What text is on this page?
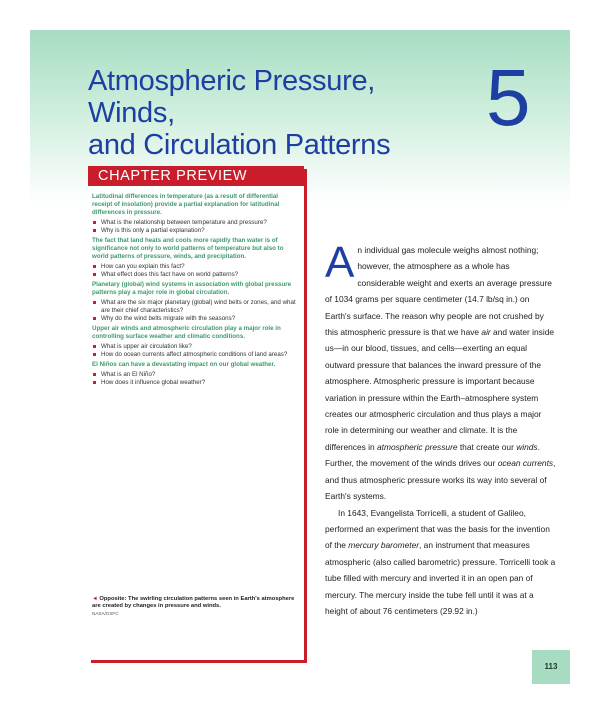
Atmospheric Pressure, Winds,
and Circulation Patterns
5
CHAPTER PREVIEW

Latitudinal differences in temperature (as a result of differential receipt of insolation) provide a partial explanation for latitudinal differences in pressure.

What is the relationship between temperature and pressure?
Why is this only a partial explanation?

The fact that land heats and cools more rapidly than water is of significance not only to world patterns of temperature but also to world patterns of pressure, winds, and precipitation.

How can you explain this fact?
What effect does this fact have on world patterns?

Planetary (global) wind systems in association with global pressure patterns play a major role in global circulation.

What are the six major planetary (global) wind belts or zones, and what are their chief characteristics?
Why do the wind belts migrate with the seasons?

Upper air winds and atmospheric circulation play a major role in controlling surface weather and climatic conditions.

What is upper air circulation like?
How do ocean currents affect atmospheric conditions of land areas?

El Niños can have a devastating impact on our global weather.

What is an El Niño?
How does it influence global weather?
◄ Opposite: The swirling circulation patterns seen in Earth's atmosphere are created by changes in pressure and winds.
NASA/GSFC

An individual gas molecule weighs almost nothing; however, the atmosphere as a whole has considerable weight and exerts an average pressure of 1034 grams per square centimeter (14.7 lb/sq in.) on Earth's surface. The reason why people are not crushed by this atmospheric pressure is that we have air and water inside us—in our blood, tissues, and cells—exerting an equal outward pressure that balances the inward pressure of the atmosphere. Atmospheric pressure is important because variation in pressure within the Earth–atmosphere system creates our atmospheric circulation and thus plays a major role in determining our weather and climate. It is the differences in atmospheric pressure that create our winds. Further, the movement of the winds drives our ocean currents, and thus atmospheric pressure works its way into several of Earth's systems.

In 1643, Evangelista Torricelli, a student of Galileo, performed an experiment that was the basis for the invention of the mercury barometer, an instrument that measures atmospheric (also called barometric) pressure. Torricelli took a tube filled with mercury and inverted it in an open pan of mercury. The mercury inside the tube fell until it was at a height of about 76 centimeters (29.92 in.)

113
